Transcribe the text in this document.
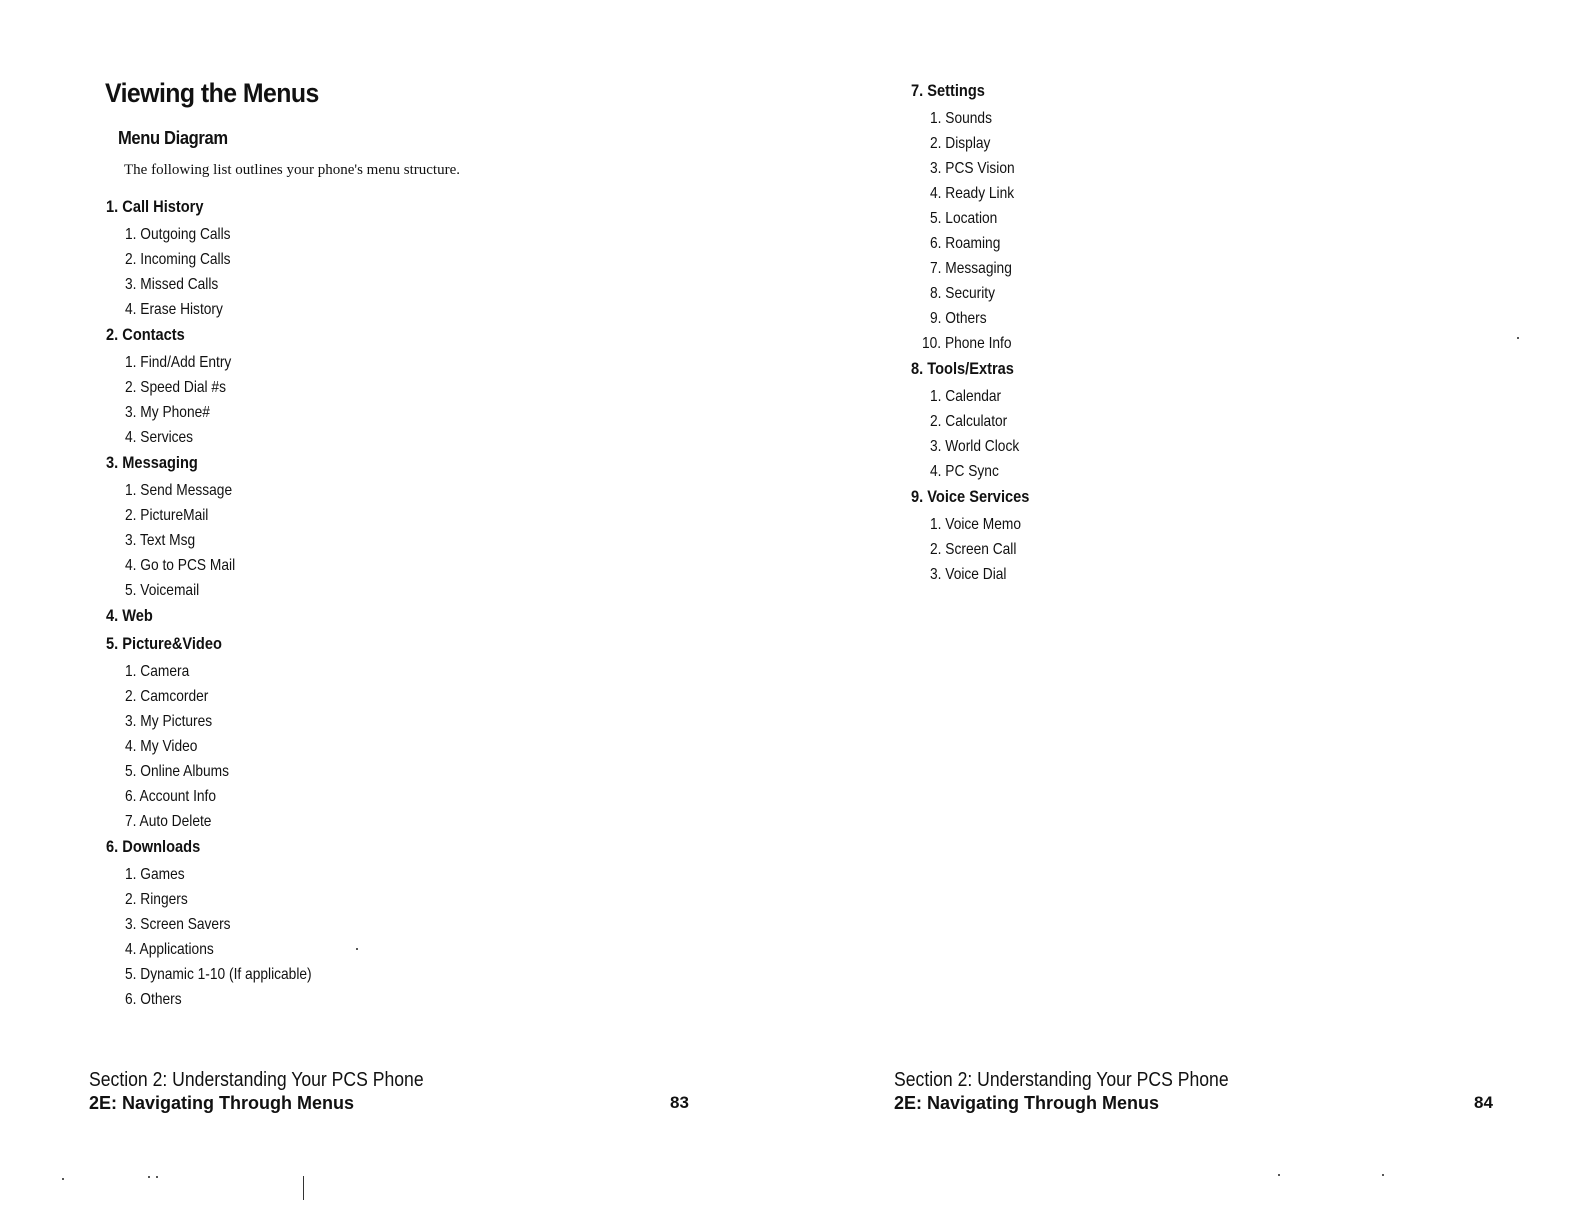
Viewing the Menus
Menu Diagram

The following list outlines your phone's menu structure.

1. Call History
1. Outgoing Calls
2. Incoming Calls
3. Missed Calls
4. Erase History
2. Contacts
1. Find/Add Entry
2. Speed Dial #s
3. My Phone#
4. Services
3. Messaging
1. Send Message
2. PictureMail
3. Text Msg
4. Go to PCS Mail
5. Voicemail
4. Web
5. Picture&Video
1. Camera
2. Camcorder
3. My Pictures
4. My Video
5. Online Albums
6. Account Info
7. Auto Delete
6. Downloads
1. Games
2. Ringers
3. Screen Savers
4. Applications
5. Dynamic 1-10 (If applicable)
6. Others
Section 2: Understanding Your PCS Phone
2E: Navigating Through Menus	83
7. Settings
1. Sounds
2. Display
3. PCS Vision
4. Ready Link
5. Location
6. Roaming
7. Messaging
8. Security
9. Others
10. Phone Info
8. Tools/Extras
1. Calendar
2. Calculator
3. World Clock
4. PC Sync
9. Voice Services
1. Voice Memo
2. Screen Call
3. Voice Dial
Section 2: Understanding Your PCS Phone
2E: Navigating Through Menus	84
